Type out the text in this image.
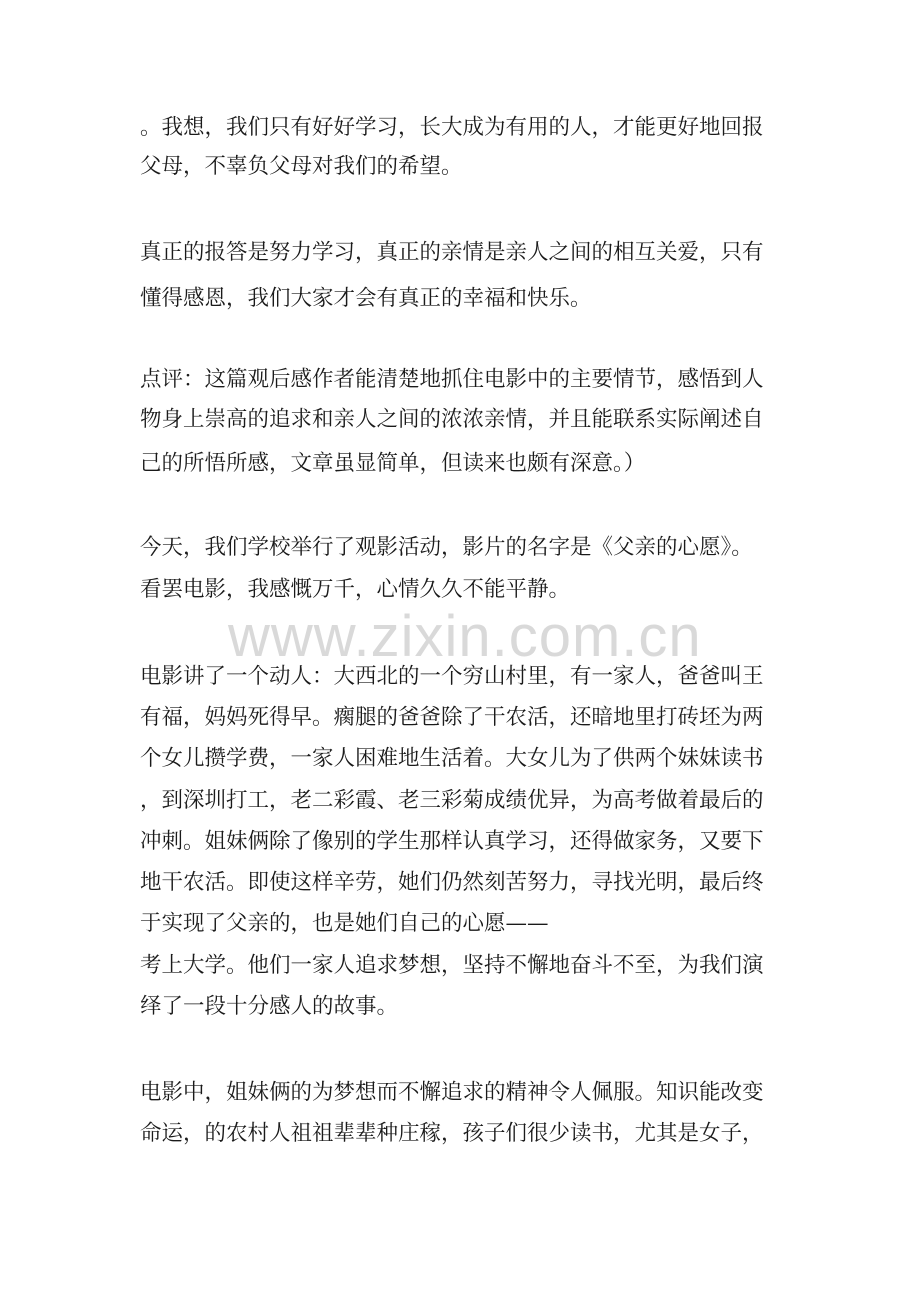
。我想，我们只有好好学习，长大成为有用的人，才能更好地回报
父母，不辜负父母对我们的希望。
真正的报答是努力学习，真正的亲情是亲人之间的相互关爱，只有
懂得感恩，我们大家才会有真正的幸福和快乐。
点评：这篇观后感作者能清楚地抓住电影中的主要情节，感悟到人
物身上崇高的追求和亲人之间的浓浓亲情，并且能联系实际阐述自
己的所悟所感，文章虽显简单，但读来也颇有深意。）
今天，我们学校举行了观影活动，影片的名字是《父亲的心愿》。
看罢电影，我感慨万千，心情久久不能平静。
www.zixin.com.cn
电影讲了一个动人：大西北的一个穷山村里，有一家人，爸爸叫王
有福，妈妈死得早。瘸腿的爸爸除了干农活，还暗地里打砖坯为两
个女儿攒学费，一家人困难地生活着。大女儿为了供两个妹妹读书
，到深圳打工，老二彩霞、老三彩菊成绩优异，为高考做着最后的
冲刺。姐妹俩除了像别的学生那样认真学习，还得做家务，又要下
地干农活。即使这样辛劳，她们仍然刻苦努力，寻找光明，最后终
于实现了父亲的，也是她们自己的心愿——
考上大学。他们一家人追求梦想，坚持不懈地奋斗不至，为我们演
绎了一段十分感人的故事。
电影中，姐妹俩的为梦想而不懈追求的精神令人佩服。知识能改变
命运，的农村人祖祖辈辈种庄稼，孩子们很少读书，尤其是女子，
